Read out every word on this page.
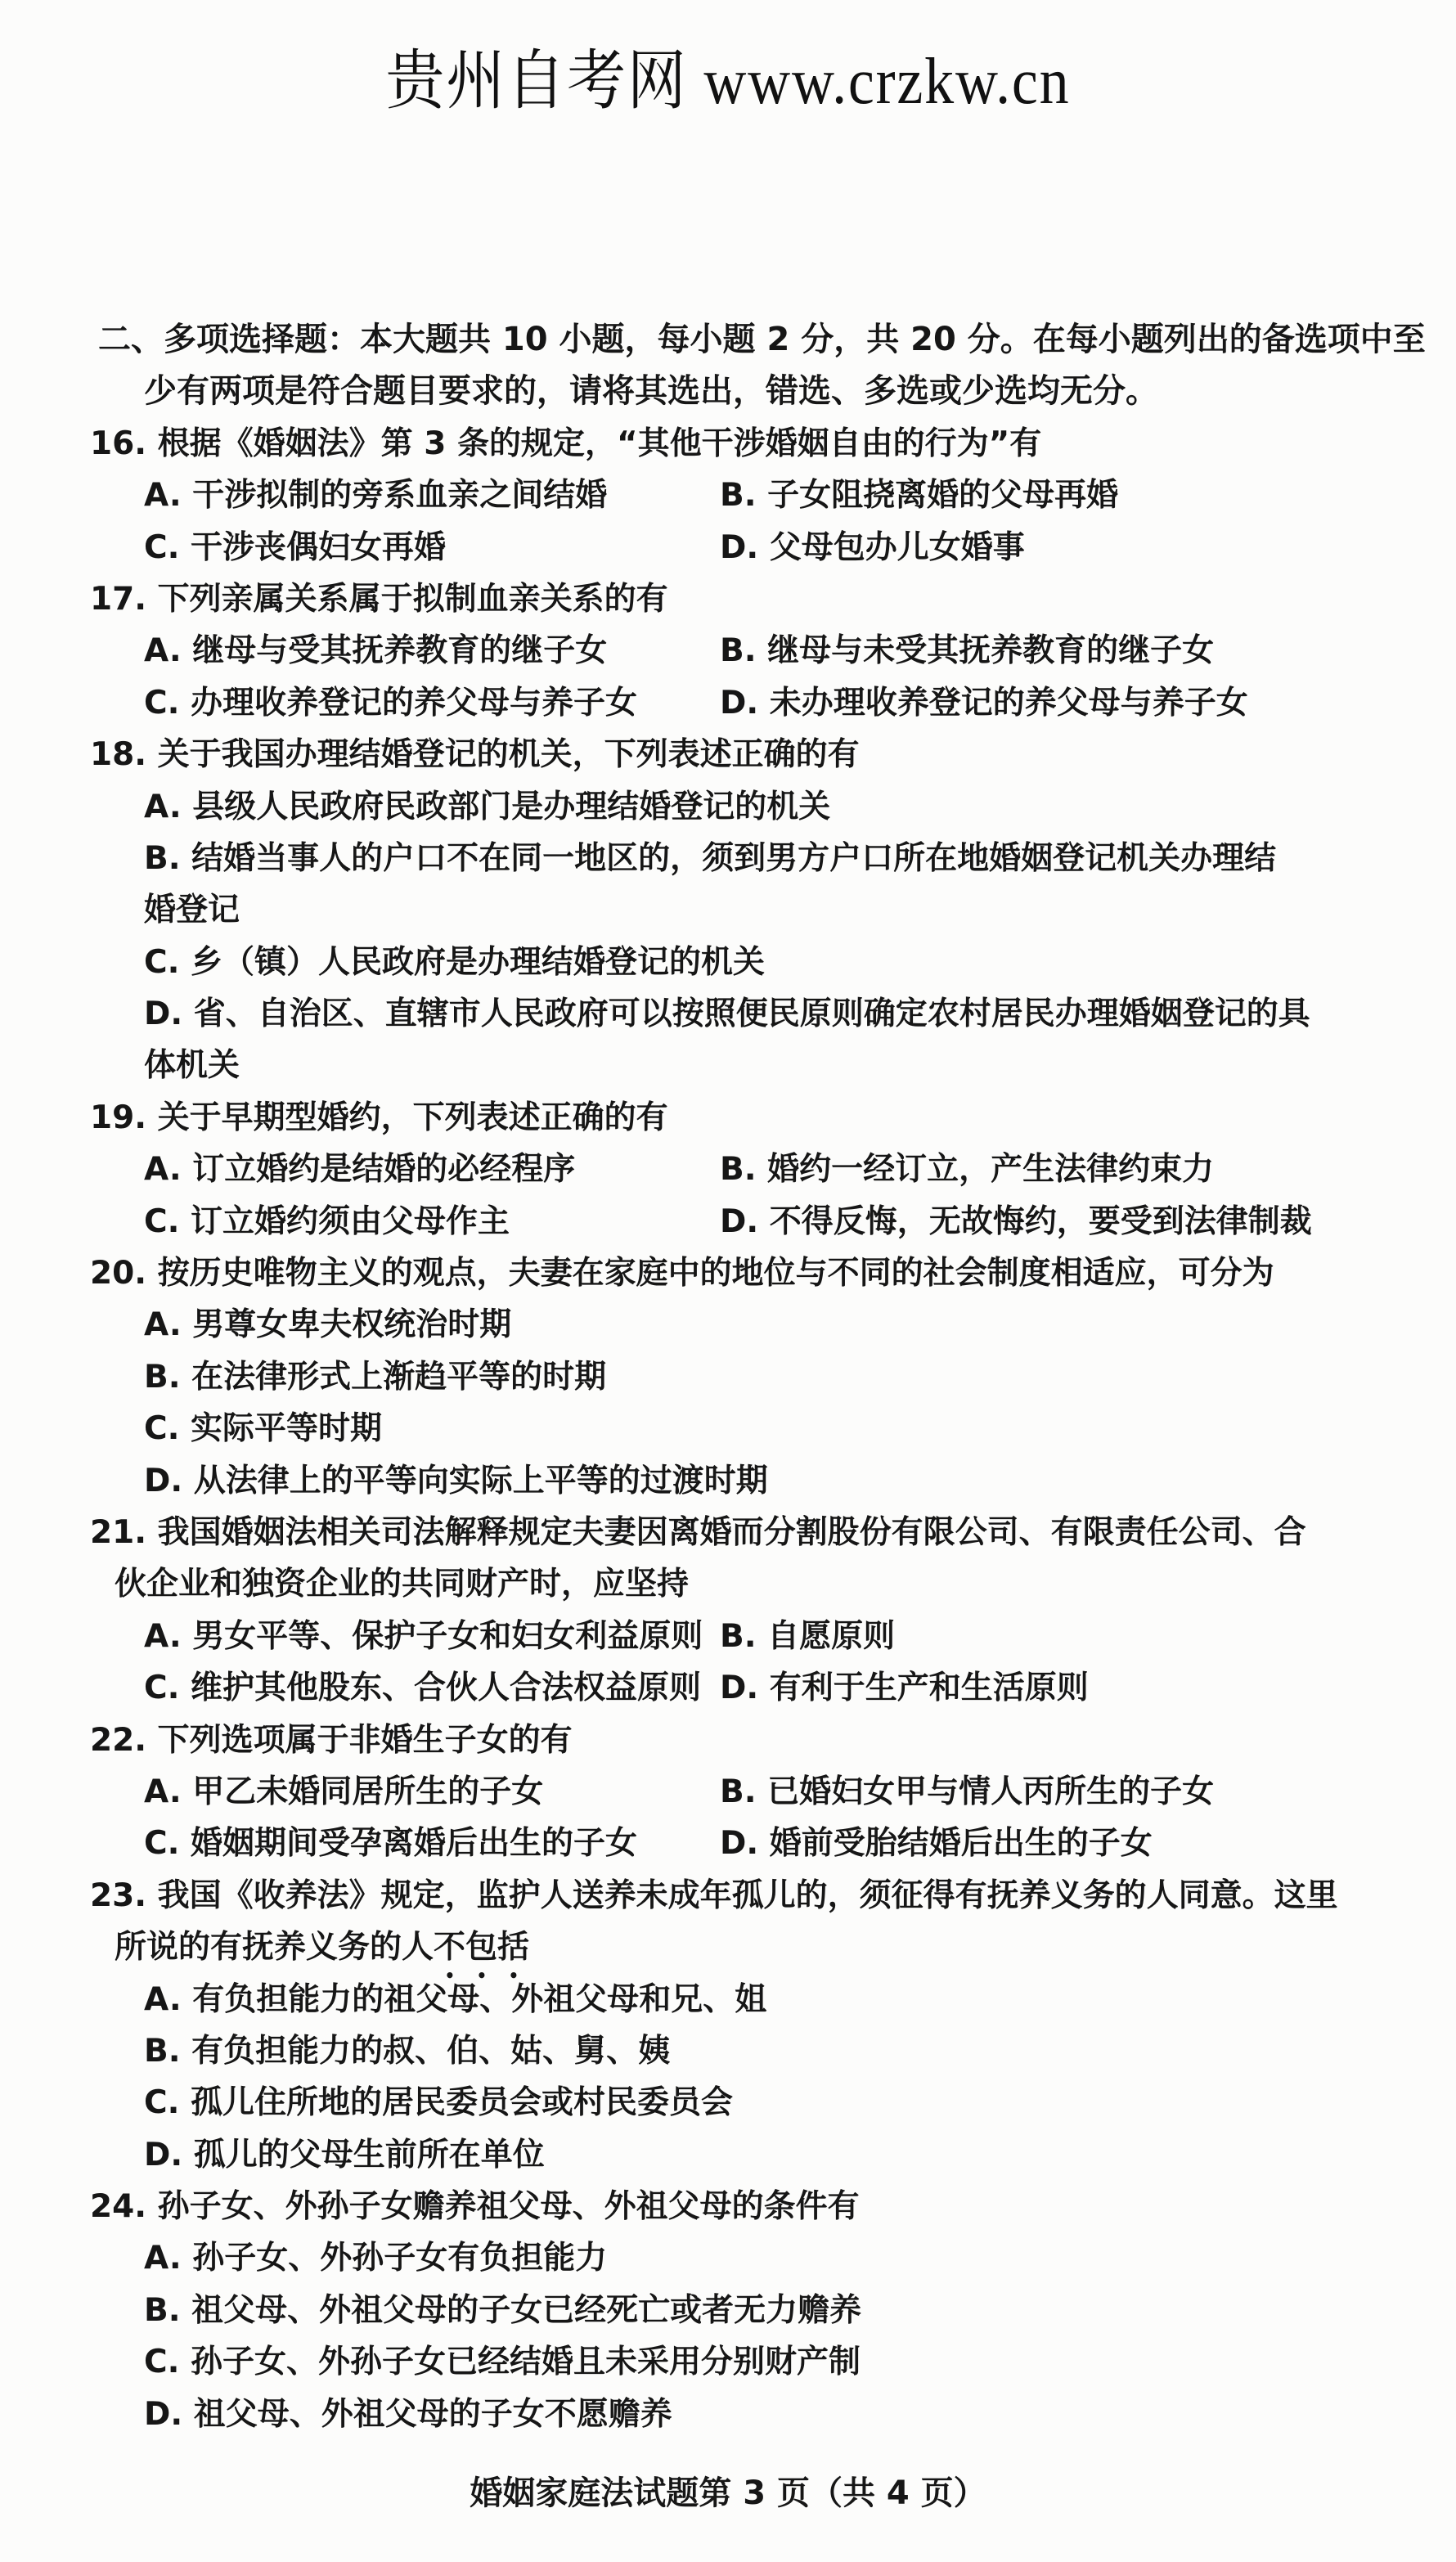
贵州自考网 www.crzkw.cn
二、多项选择题：本大题共 10 小题，每小题 2 分，共 20 分。在每小题列出的备选项中至
少有两项是符合题目要求的，请将其选出，错选、多选或少选均无分。
16. 根据《婚姻法》第 3 条的规定，“其他干涉婚姻自由的行为”有
A. 干涉拟制的旁系血亲之间结婚	B. 子女阻挠离婚的父母再婚
C. 干涉丧偶妇女再婚	D. 父母包办儿女婚事
17. 下列亲属关系属于拟制血亲关系的有
A. 继母与受其抚养教育的继子女	B. 继母与未受其抚养教育的继子女
C. 办理收养登记的养父母与养子女	D. 未办理收养登记的养父母与养子女
18. 关于我国办理结婚登记的机关，下列表述正确的有
A. 县级人民政府民政部门是办理结婚登记的机关
B. 结婚当事人的户口不在同一地区的，须到男方户口所在地婚姻登记机关办理结
婚登记
C. 乡（镇）人民政府是办理结婚登记的机关
D. 省、自治区、直辖市人民政府可以按照便民原则确定农村居民办理婚姻登记的具
体机关
19. 关于早期型婚约，下列表述正确的有
A. 订立婚约是结婚的必经程序	B. 婚约一经订立，产生法律约束力
C. 订立婚约须由父母作主	D. 不得反悔，无故悔约，要受到法律制裁
20. 按历史唯物主义的观点，夫妻在家庭中的地位与不同的社会制度相适应，可分为
A. 男尊女卑夫权统治时期
B. 在法律形式上渐趋平等的时期
C. 实际平等时期
D. 从法律上的平等向实际上平等的过渡时期
21. 我国婚姻法相关司法解释规定夫妻因离婚而分割股份有限公司、有限责任公司、合
伙企业和独资企业的共同财产时，应坚持
A. 男女平等、保护子女和妇女利益原则 B. 自愿原则
C. 维护其他股东、合伙人合法权益原则 D. 有利于生产和生活原则
22. 下列选项属于非婚生子女的有
A. 甲乙未婚同居所生的子女	B. 已婚妇女甲与情人丙所生的子女
C. 婚姻期间受孕离婚后出生的子女	D. 婚前受胎结婚后出生的子女
23. 我国《收养法》规定，监护人送养未成年孤儿的，须征得有抚养义务的人同意。这里
所说的有抚养义务的人不包括
A. 有负担能力的祖父母、外祖父母和兄、姐
B. 有负担能力的叔、伯、姑、舅、姨
C. 孤儿住所地的居民委员会或村民委员会
D. 孤儿的父母生前所在单位
24. 孙子女、外孙子女赡养祖父母、外祖父母的条件有
A. 孙子女、外孙子女有负担能力
B. 祖父母、外祖父母的子女已经死亡或者无力赡养
C. 孙子女、外孙子女已经结婚且未采用分别财产制
D. 祖父母、外祖父母的子女不愿赡养
婚姻家庭法试题第 3 页（共 4 页）
